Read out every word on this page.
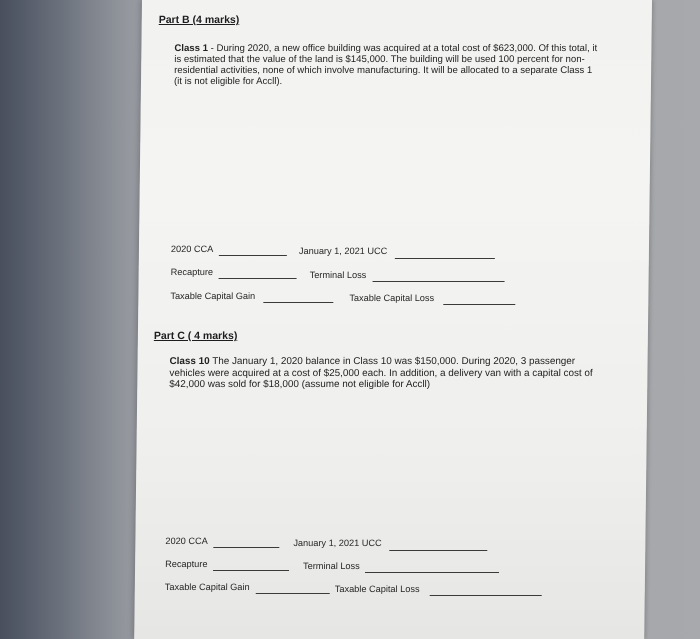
Part B (4 marks)
Class 1 - During 2020, a new office building was acquired at a total cost of $623,000. Of this total, it is estimated that the value of the land is $145,000. The building will be used 100 percent for non-residential activities, none of which involve manufacturing. It will be allocated to a separate Class 1 (it is not eligible for Accll).
2020 CCA	January 1, 2021 UCC
Recapture	Terminal Loss
Taxable Capital Gain	Taxable Capital Loss
Part C ( 4 marks)
Class 10 The January 1, 2020 balance in Class 10 was $150,000. During 2020, 3 passenger vehicles were acquired at a cost of $25,000 each. In addition, a delivery van with a capital cost of $42,000 was sold for $18,000 (assume not eligible for Accll)
2020 CCA	January 1, 2021 UCC
Recapture	Terminal Loss
Taxable Capital Gain	Taxable Capital Loss
